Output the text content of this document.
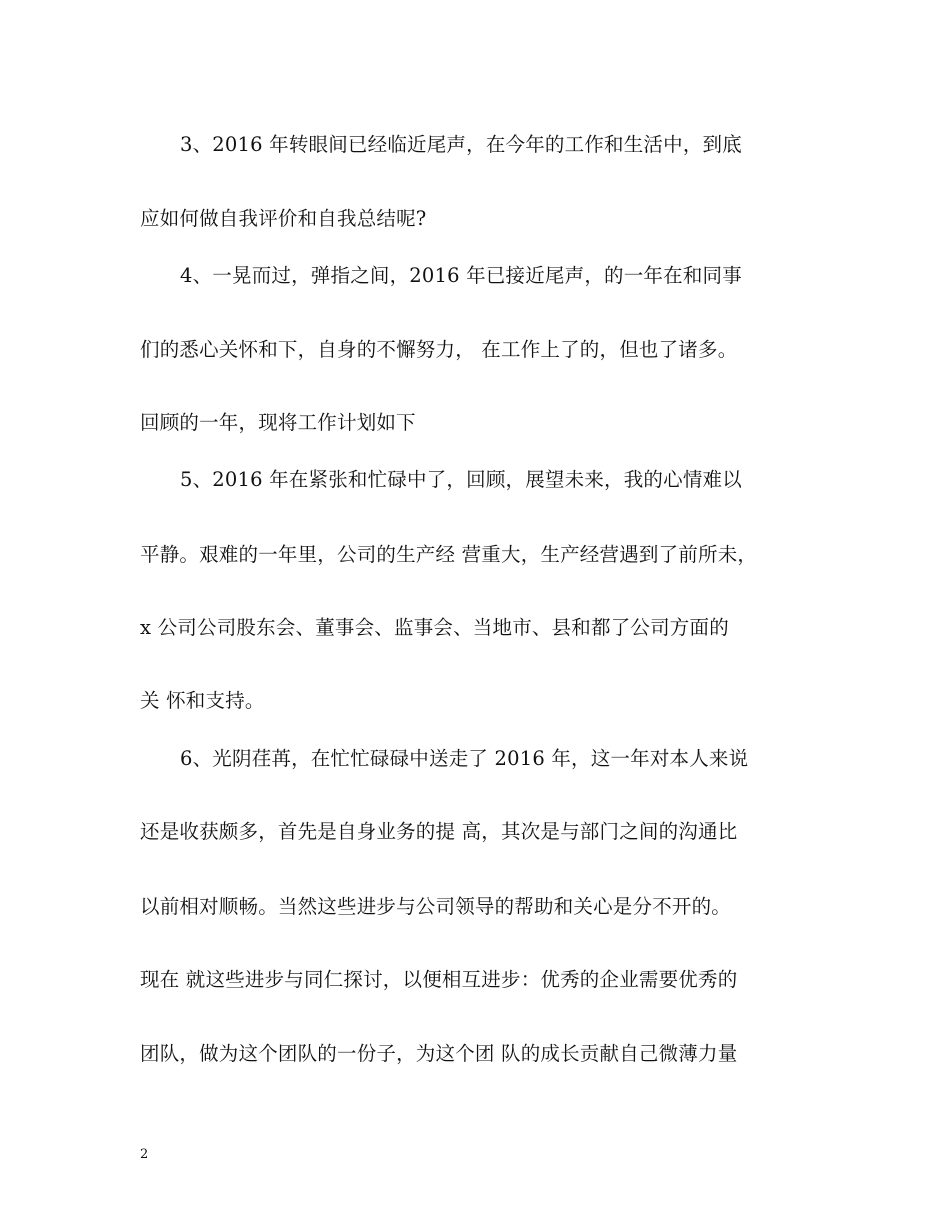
3、2016 年转眼间已经临近尾声，在今年的工作和生活中，到底
应如何做自我评价和自我总结呢?
4、一晃而过，弹指之间，2016 年已接近尾声，的一年在和同事
们的悉心关怀和下，自身的不懈努力， 在工作上了的，但也了诸多。
回顾的一年，现将工作计划如下
5、2016 年在紧张和忙碌中了，回顾，展望未来，我的心情难以
平静。艰难的一年里，公司的生产经 营重大，生产经营遇到了前所未，
x 公司公司股东会、董事会、监事会、当地市、县和都了公司方面的
关 怀和支持。
6、光阴荏苒，在忙忙碌碌中送走了 2016 年，这一年对本人来说
还是收获颇多，首先是自身业务的提 高，其次是与部门之间的沟通比
以前相对顺畅。当然这些进步与公司领导的帮助和关心是分不开的。
现在 就这些进步与同仁探讨，以便相互进步：优秀的企业需要优秀的
团队，做为这个团队的一份子，为这个团 队的成长贡献自己微薄力量
2
